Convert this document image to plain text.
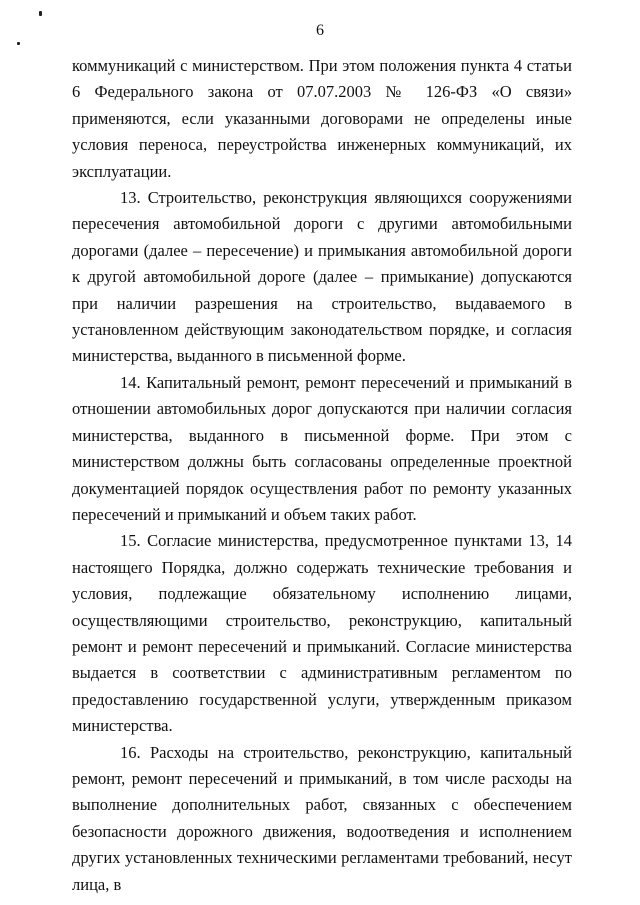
6

коммуникаций с министерством. При этом положения пункта 4 статьи 6 Федерального закона от 07.07.2003 № 126-ФЗ «О связи» применяются, если указанными договорами не определены иные условия переноса, переустройства инженерных коммуникаций, их эксплуатации.

13. Строительство, реконструкция являющихся сооружениями пересечения автомобильной дороги с другими автомобильными дорогами (далее – пересечение) и примыкания автомобильной дороги к другой автомобильной дороге (далее – примыкание) допускаются при наличии разрешения на строительство, выдаваемого в установленном действующим законодательством порядке, и согласия министерства, выданного в письменной форме.

14. Капитальный ремонт, ремонт пересечений и примыканий в отношении автомобильных дорог допускаются при наличии согласия министерства, выданного в письменной форме. При этом с министерством должны быть согласованы определенные проектной документацией порядок осуществления работ по ремонту указанных пересечений и примыканий и объем таких работ.

15. Согласие министерства, предусмотренное пунктами 13, 14 настоящего Порядка, должно содержать технические требования и условия, подлежащие обязательному исполнению лицами, осуществляющими строительство, реконструкцию, капитальный ремонт и ремонт пересечений и примыканий. Согласие министерства выдается в соответствии с административным регламентом по предоставлению государственной услуги, утвержденным приказом министерства.

16. Расходы на строительство, реконструкцию, капитальный ремонт, ремонт пересечений и примыканий, в том числе расходы на выполнение дополнительных работ, связанных с обеспечением безопасности дорожного движения, водоотведения и исполнением других установленных техническими регламентами требований, несут лица, в
